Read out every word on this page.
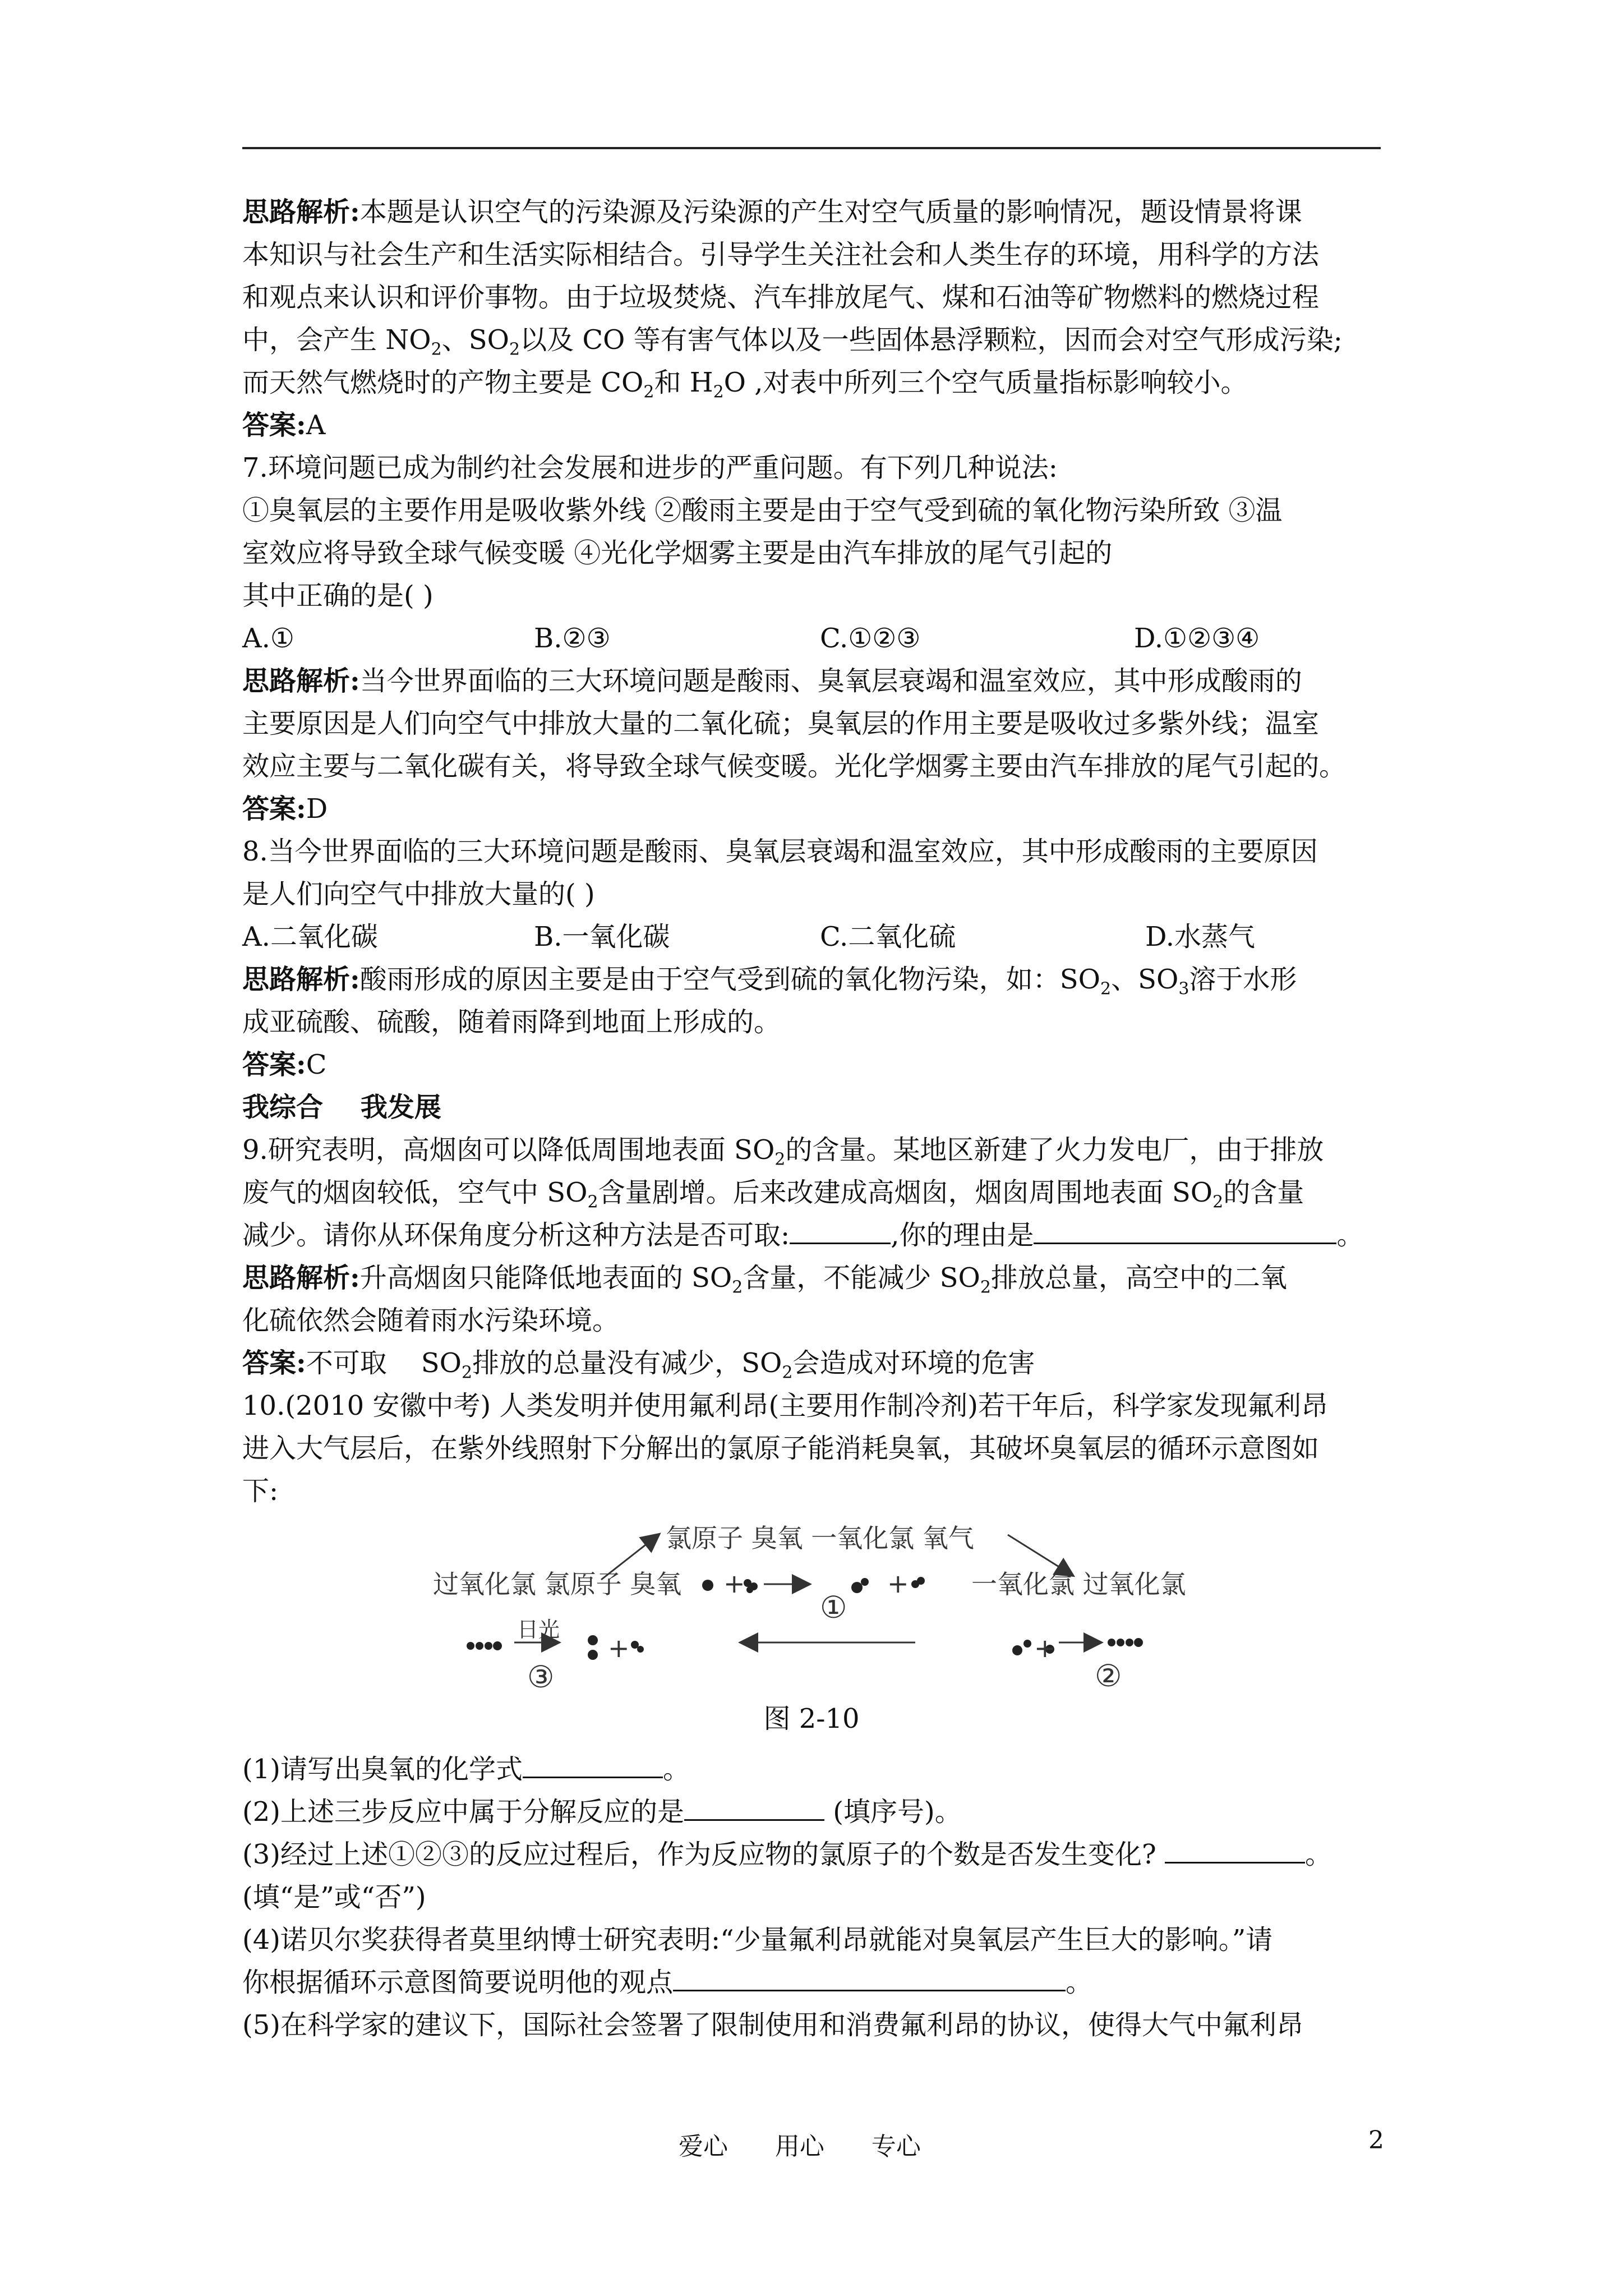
思路解析:本题是认识空气的污染源及污染源的产生对空气质量的影响情况，题设情景将课
本知识与社会生产和生活实际相结合。引导学生关注社会和人类生存的环境，用科学的方法
和观点来认识和评价事物。由于垃圾焚烧、汽车排放尾气、煤和石油等矿物燃料的燃烧过程
中，会产生 $NO_2$、$SO_2$以及 CO 等有害气体以及一些固体悬浮颗粒，因而会对空气形成污染;
而天然气燃烧时的产物主要是 $CO_2$和 $H_2O$ ,对表中所列三个空气质量指标影响较小。
答案:A
7.环境问题已成为制约社会发展和进步的严重问题。有下列几种说法:
①臭氧层的主要作用是吸收紫外线 ②酸雨主要是由于空气受到硫的氧化物污染所致 ③温
室效应将导致全球气候变暖 ④光化学烟雾主要是由汽车排放的尾气引起的
其中正确的是( )
A.①	B.②③	C.①②③	D.①②③④
思路解析:当今世界面临的三大环境问题是酸雨、臭氧层衰竭和温室效应，其中形成酸雨的
主要原因是人们向空气中排放大量的二氧化硫；臭氧层的作用主要是吸收过多紫外线；温室
效应主要与二氧化碳有关，将导致全球气候变暖。光化学烟雾主要由汽车排放的尾气引起的。
答案:D
8.当今世界面临的三大环境问题是酸雨、臭氧层衰竭和温室效应，其中形成酸雨的主要原因
是人们向空气中排放大量的( )
A.二氧化碳	B.一氧化碳	C.二氧化硫	D.水蒸气
思路解析:酸雨形成的原因主要是由于空气受到硫的氧化物污染，如：$SO_2$、$SO_3$溶于水形
成亚硫酸、硫酸，随着雨降到地面上形成的。
答案:C
我综合    我发展
9.研究表明，高烟囱可以降低周围地表面 $SO_2$的含量。某地区新建了火力发电厂，由于排放
废气的烟囱较低，空气中 $SO_2$含量剧增。后来改建成高烟囱，烟囱周围地表面 $SO_2$的含量
减少。请你从环保角度分析这种方法是否可取:	,你的理由是	。
思路解析:升高烟囱只能降低地表面的 $SO_2$含量，不能减少 $SO_2$排放总量，高空中的二氧
化硫依然会随着雨水污染环境。
答案:不可取    $SO_2$排放的总量没有减少，$SO_2$会造成对环境的危害
10.(2010 安徽中考) 人类发明并使用氟利昂(主要用作制冷剂)若干年后，科学家发现氟利昂
进入大气层后，在紫外线照射下分解出的氯原子能消耗臭氧，其破坏臭氧层的循环示意图如
下:
氯原子 臭氧 一氧化氯 氧气
过氧化氯 氯原子 臭氧	一氧化氯 过氧化氯
日光
+	+
+	+
①
②
③
图 2-10
(1)请写出臭氧的化学式	。
(2)上述三步反应中属于分解反应的是	(填序号)。
(3)经过上述①②③的反应过程后，作为反应物的氯原子的个数是否发生变化?	。
(填“是”或“否”)
(4)诺贝尔奖获得者莫里纳博士研究表明:“少量氟利昂就能对臭氧层产生巨大的影响。”请
你根据循环示意图简要说明他的观点	。
(5)在科学家的建议下，国际社会签署了限制使用和消费氟利昂的协议，使得大气中氟利昂
爱心      用心      专心	2
